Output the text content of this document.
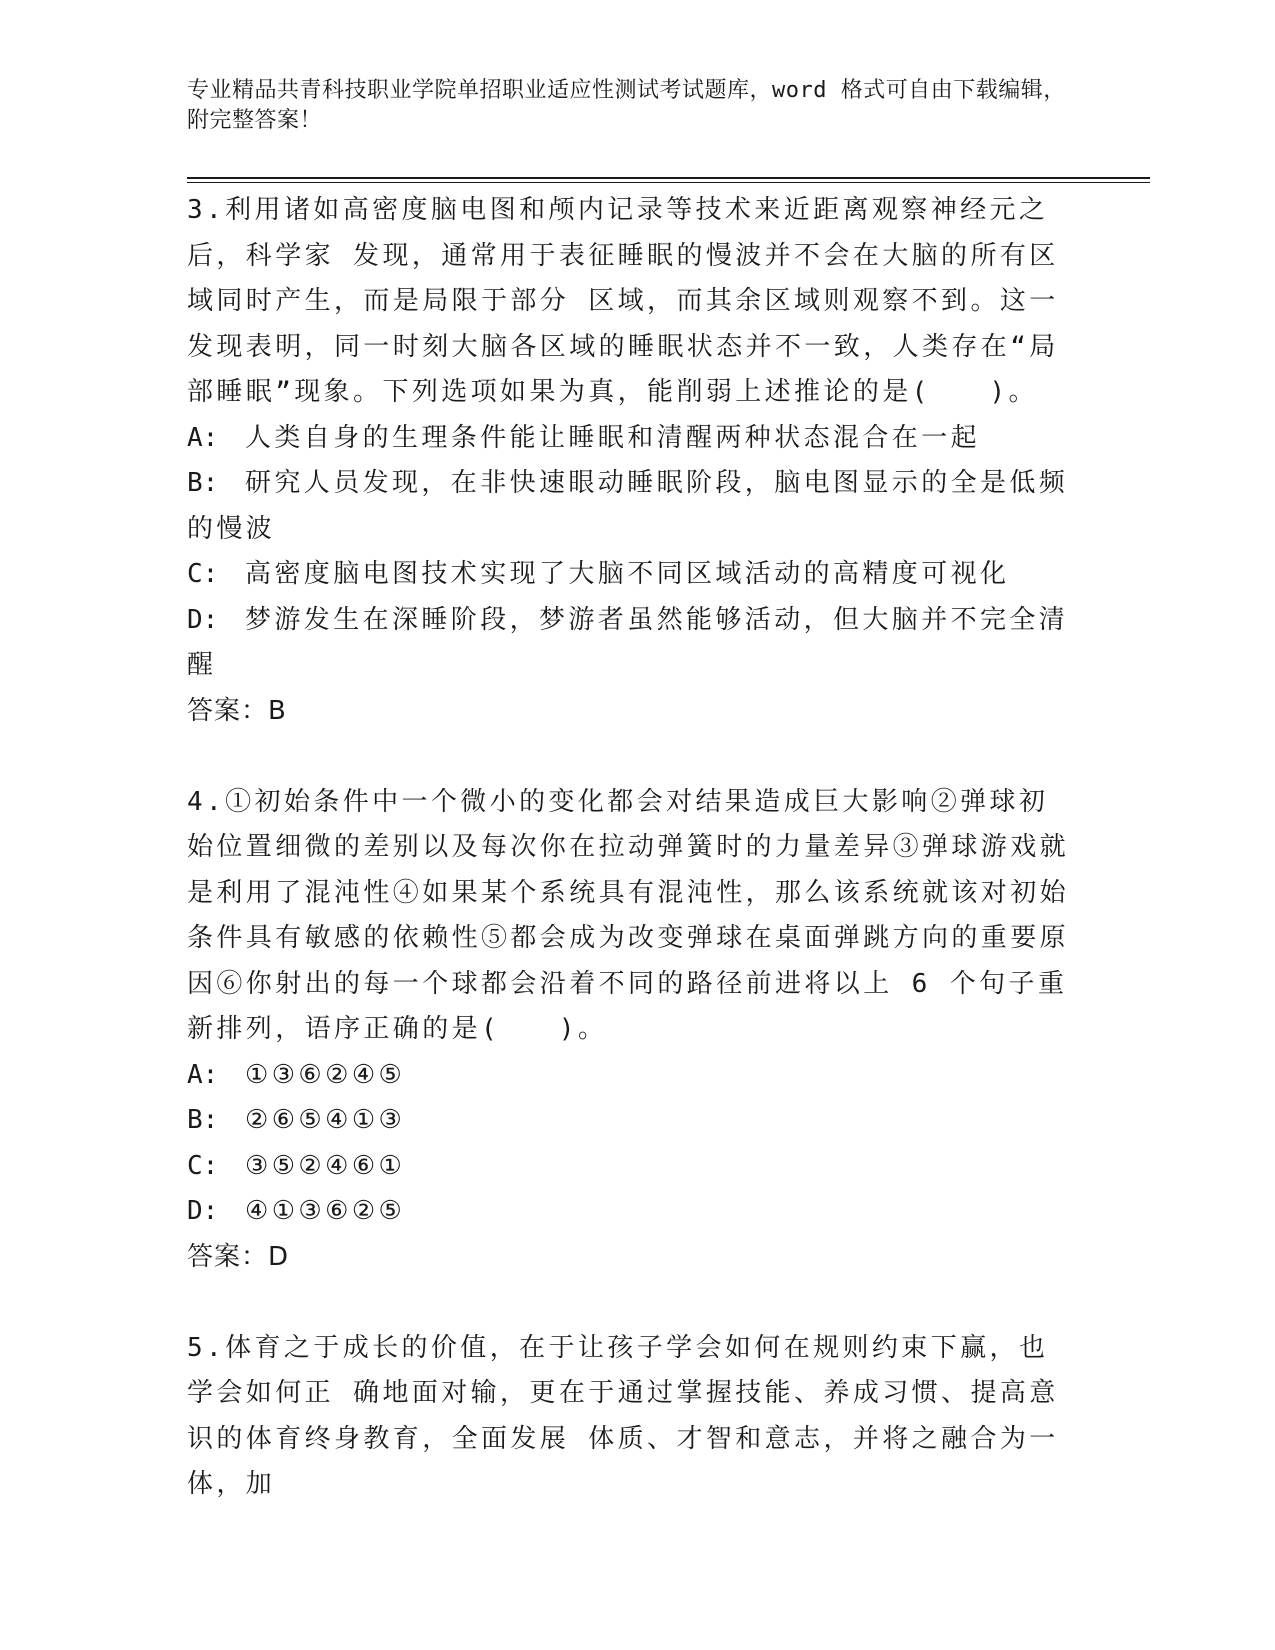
专业精品共青科技职业学院单招职业适应性测试考试题库，word 格式可自由下载编辑，附完整答案！

3.利用诸如高密度脑电图和颅内记录等技术来近距离观察神经元之后，科学家 发现，通常用于表征睡眠的慢波并不会在大脑的所有区域同时产生，而是局限于部分 区域，而其余区域则观察不到。这一发现表明，同一时刻大脑各区域的睡眠状态并不一致，人类存在“局部睡眠”现象。下列选项如果为真，能削弱上述推论的是(　　)。

A: 人类自身的生理条件能让睡眠和清醒两种状态混合在一起

B: 研究人员发现，在非快速眼动睡眠阶段，脑电图显示的全是低频的慢波

C: 高密度脑电图技术实现了大脑不同区域活动的高精度可视化

D: 梦游发生在深睡阶段，梦游者虽然能够活动，但大脑并不完全清醒

答案：B

4.①初始条件中一个微小的变化都会对结果造成巨大影响②弹球初始位置细微的差别以及每次你在拉动弹簧时的力量差异③弹球游戏就是利用了混沌性④如果某个系统具有混沌性，那么该系统就该对初始条件具有敏感的依赖性⑤都会成为改变弹球在桌面弹跳方向的重要原因⑥你射出的每一个球都会沿着不同的路径前进将以上 6 个句子重新排列，语序正确的是(　　)。

A: ①③⑥②④⑤

B: ②⑥⑤④①③

C: ③⑤②④⑥①

D: ④①③⑥②⑤

答案：D

5.体育之于成长的价值，在于让孩子学会如何在规则约束下赢，也学会如何正 确地面对输，更在于通过掌握技能、养成习惯、提高意识的体育终身教育，全面发展 体质、才智和意志，并将之融合为一体，加
